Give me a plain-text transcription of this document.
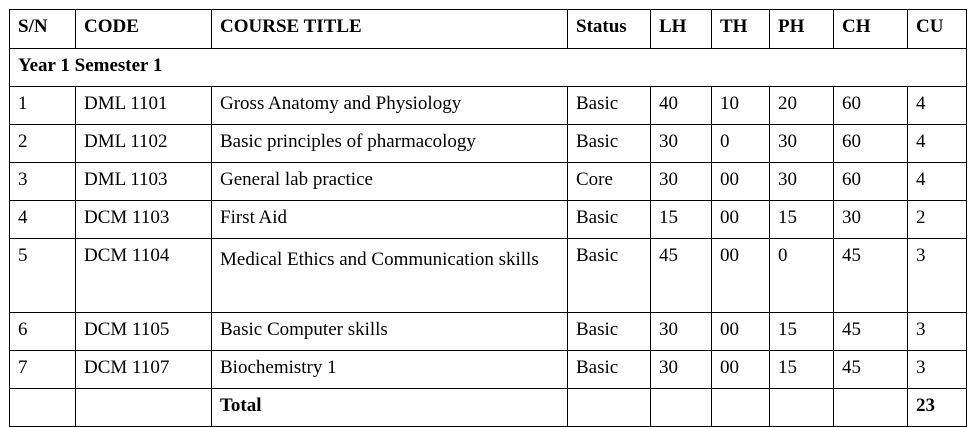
S/N	CODE	COURSE TITLE	Status	LH	TH	PH	CH	CU
Year 1 Semester 1								
1	DML 1101	Gross Anatomy and Physiology	Basic	40	10	20	60	4
2	DML 1102	Basic principles of pharmacology	Basic	30	0	30	60	4
3	DML 1103	General lab practice	Core	30	00	30	60	4
4	DCM 1103	First Aid	Basic	15	00	15	30	2
5	DCM 1104	Medical Ethics and Communication skills	Basic	45	00	0	45	3
6	DCM 1105	Basic Computer skills	Basic	30	00	15	45	3
7	DCM 1107	Biochemistry 1	Basic	30	00	15	45	3
		Total						23
